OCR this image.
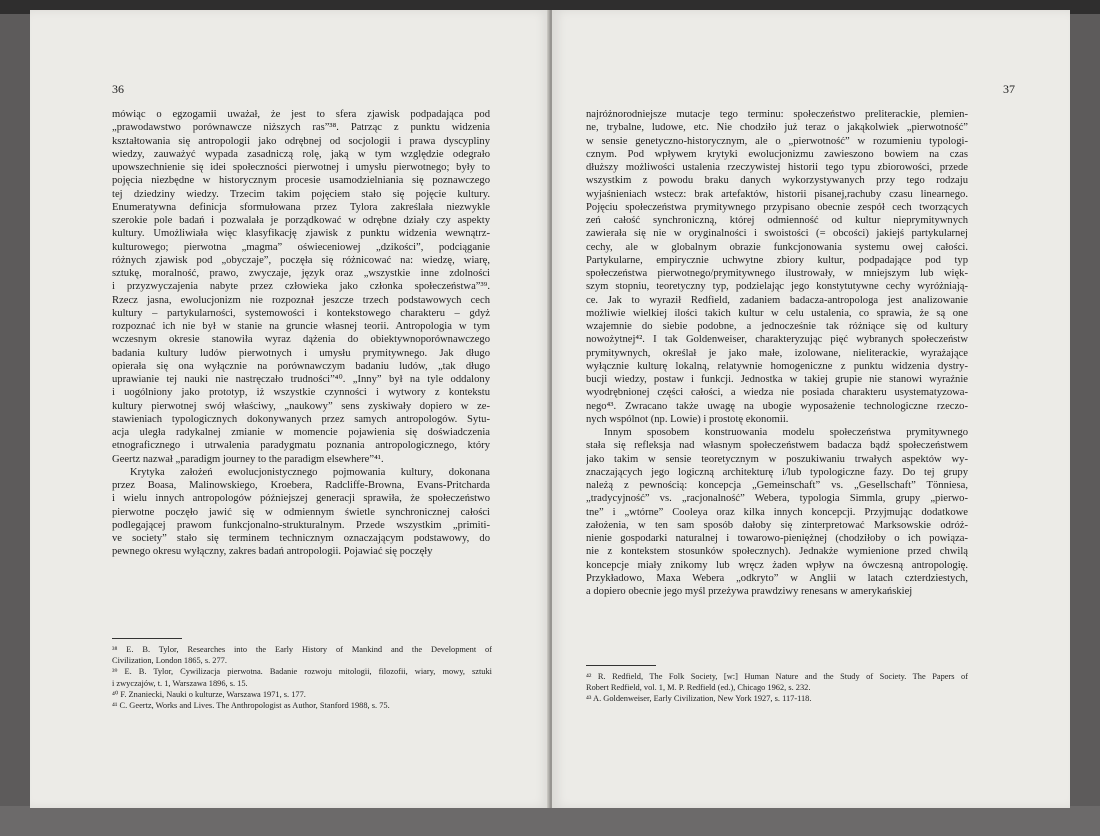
36
mówiąc o egzogamii uważał, że jest to sfera zjawisk podpadająca pod
„prawodawstwo porównawcze niższych ras”³⁸. Patrząc z punktu widzenia
kształtowania się antropologii jako odrębnej od socjologii i prawa dyscypliny
wiedzy, zauważyć wypada zasadniczą rolę, jaką w tym względzie odegrało
upowszechnienie się idei społeczności pierwotnej i umysłu pierwotnego; były to
pojęcia niezbędne w historycznym procesie usamodzielniania się poznawczego
tej dziedziny wiedzy. Trzecim takim pojęciem stało się pojęcie kultury.
Enumeratywna definicja sformułowana przez Tylora zakreślała niezwykle
szerokie pole badań i pozwalała je porządkować w odrębne działy czy aspekty
kultury. Umożliwiała więc klasyfikację zjawisk z punktu widzenia wewnątrz-
kulturowego; pierwotna „magma” oświeceniowej „dzikości”, podciąganie
różnych zjawisk pod „obyczaje”, poczęła się różnicować na: wiedzę, wiarę,
sztukę, moralność, prawo, zwyczaje, język oraz „wszystkie inne zdolności
i przyzwyczajenia nabyte przez człowieka jako członka społeczeństwa”³⁹.
Rzecz jasna, ewolucjonizm nie rozpoznał jeszcze trzech podstawowych cech
kultury – partykularności, systemowości i kontekstowego charakteru – gdyż
rozpoznać ich nie był w stanie na gruncie własnej teorii. Antropologia w tym
wczesnym okresie stanowiła wyraz dążenia do obiektywnoporównawczego
badania kultury ludów pierwotnych i umysłu prymitywnego. Jak długo
opierała się ona wyłącznie na porównawczym badaniu ludów, „tak długo
uprawianie tej nauki nie nastręczało trudności”⁴⁰. „Inny” był na tyle oddalony
i uogólniony jako prototyp, iż wszystkie czynności i wytwory z kontekstu
kultury pierwotnej swój właściwy, „naukowy” sens zyskiwały dopiero w ze-
stawieniach typologicznych dokonywanych przez samych antropologów. Sytu-
acja uległa radykalnej zmianie w momencie pojawienia się doświadczenia
etnograficznego i utrwalenia paradygmatu poznania antropologicznego, który
Geertz nazwał „paradigm journey to the paradigm elsewhere”⁴¹.
Krytyka założeń ewolucjonistycznego pojmowania kultury, dokonana
przez Boasa, Malinowskiego, Kroebera, Radcliffe-Browna, Evans-Pritcharda
i wielu innych antropologów późniejszej generacji sprawiła, że społeczeństwo
pierwotne poczęło jawić się w odmiennym świetle synchronicznej całości
podlegającej prawom funkcjonalno-strukturalnym. Przede wszystkim „primiti-
ve society” stało się terminem technicznym oznaczającym podstawowy, do
pewnego okresu wyłączny, zakres badań antropologii. Pojawiać się poczęły
³⁸ E. B. Tylor, Researches into the Early History of Mankind and the Development of
Civilization, London 1865, s. 277.
³⁹ E. B. Tylor, Cywilizacja pierwotna. Badanie rozwoju mitologii, filozofii, wiary, mowy, sztuki
i zwyczajów, t. 1, Warszawa 1896, s. 15.
⁴⁰ F. Znaniecki, Nauki o kulturze, Warszawa 1971, s. 177.
⁴¹ C. Geertz, Works and Lives. The Anthropologist as Author, Stanford 1988, s. 75.
37
najróżnorodniejsze mutacje tego terminu: społeczeństwo preliterackie, plemien-
ne, trybalne, ludowe, etc. Nie chodziło już teraz o jakąkolwiek „pierwotność”
w sensie genetyczno-historycznym, ale o „pierwotność” w rozumieniu typologi-
cznym. Pod wpływem krytyki ewolucjonizmu zawieszono bowiem na czas
dłuższy możliwości ustalenia rzeczywistej historii tego typu zbiorowości, przede
wszystkim z powodu braku danych wykorzystywanych przy tego rodzaju
wyjaśnieniach wstecz: brak artefaktów, historii pisanej,rachuby czasu linearnego.
Pojęciu społeczeństwa prymitywnego przypisano obecnie zespół cech tworzących
zeń całość synchroniczną, której odmienność od kultur nieprymitywnych
zawierała się nie w oryginalności i swoistości (= obcości) jakiejś partykularnej
cechy, ale w globalnym obrazie funkcjonowania systemu owej całości.
Partykularne, empirycznie uchwytne zbiory kultur, podpadające pod typ
społeczeństwa pierwotnego/prymitywnego ilustrowały, w mniejszym lub więk-
szym stopniu, teoretyczny typ, podzielając jego konstytutywne cechy wyróżniają-
ce. Jak to wyraził Redfield, zadaniem badacza-antropologa jest analizowanie
możliwie wielkiej ilości takich kultur w celu ustalenia, co sprawia, że są one
wzajemnie do siebie podobne, a jednocześnie tak różniące się od kultury
nowożytnej⁴². I tak Goldenweiser, charakteryzując pięć wybranych społeczeństw
prymitywnych, określał je jako małe, izolowane, nieliterackie, wyrażające
wyłącznie kulturę lokalną, relatywnie homogeniczne z punktu widzenia dystry-
bucji wiedzy, postaw i funkcji. Jednostka w takiej grupie nie stanowi wyraźnie
wyodrębnionej części całości, a wiedza nie posiada charakteru usystematyzowa-
nego⁴³. Zwracano także uwagę na ubogie wyposażenie technologiczne rzeczo-
nych wspólnot (np. Lowie) i prostotę ekonomii.
Innym sposobem konstruowania modelu społeczeństwa prymitywnego
stała się refleksja nad własnym społeczeństwem badacza bądź społeczeństwem
jako takim w sensie teoretycznym w poszukiwaniu trwałych aspektów wy-
znaczających jego logiczną architekturę i/lub typologiczne fazy. Do tej grupy
należą z pewnością: koncepcja „Gemeinschaft” vs. „Gesellschaft” Tönniesa,
„tradycyjność” vs. „racjonalność” Webera, typologia Simmla, grupy „pierwo-
tne” i „wtórne” Cooleya oraz kilka innych koncepcji. Przyjmując dodatkowe
założenia, w ten sam sposób dałoby się zinterpretować Marksowskie odróż-
nienie gospodarki naturalnej i towarowo-pieniężnej (chodziłoby o ich powiąza-
nie z kontekstem stosunków społecznych). Jednakże wymienione przed chwilą
koncepcje miały znikomy lub wręcz żaden wpływ na ówczesną antropologię.
Przykładowo, Maxa Webera „odkryto” w Anglii w latach czterdziestych,
a dopiero obecnie jego myśl przeżywa prawdziwy renesans w amerykańskiej
⁴² R. Redfield, The Folk Society, [w:] Human Nature and the Study of Society. The Papers of
Robert Redfield, vol. 1, M. P. Redfield (ed.), Chicago 1962, s. 232.
⁴³ A. Goldenweiser, Early Civilization, New York 1927, s. 117-118.
